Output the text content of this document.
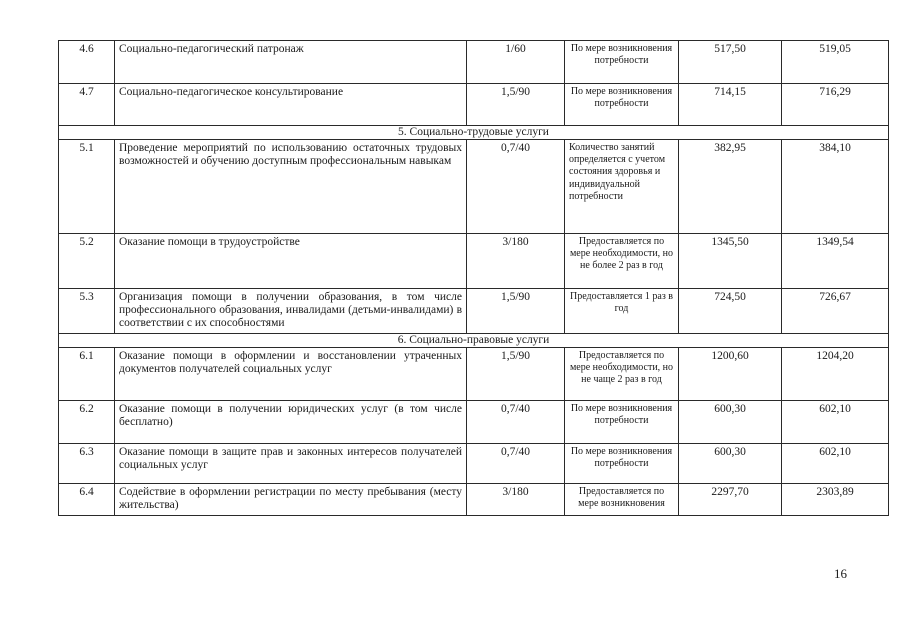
4.6	Социально-педагогический патронаж	1/60	По мере возникновения потребности	517,50	519,05
4.7	Социально-педагогическое консультирование	1,5/90	По мере возникновения потребности	714,15	716,29
5. Социально-трудовые услуги					
5.1	Проведение мероприятий по использованию остаточных трудовых возможностей и обучению доступным профессиональным навыкам	0,7/40	Количество занятий определяется с учетом состояния здоровья и индивидуальной потребности	382,95	384,10
5.2	Оказание помощи в трудоустройстве	3/180	Предоставляется по мере необходимости, но не более 2 раз в год	1345,50	1349,54
5.3	Организация помощи в получении образования, в том числе профессионального образования, инвалидами (детьми-инвалидами) в соответствии с их способностями	1,5/90	Предоставляется 1 раз в год	724,50	726,67
6. Социально-правовые услуги					
6.1	Оказание помощи в оформлении и восстановлении утраченных документов получателей социальных услуг	1,5/90	Предоставляется по мере необходимости, но не чаще 2 раз в год	1200,60	1204,20
6.2	Оказание помощи в получении юридических услуг (в том числе бесплатно)	0,7/40	По мере возникновения потребности	600,30	602,10
6.3	Оказание помощи в защите прав и законных интересов получателей социальных услуг	0,7/40	По мере возникновения потребности	600,30	602,10
6.4	Содействие в оформлении регистрации по месту пребывания (месту жительства)	3/180	Предоставляется по мере возникновения	2297,70	2303,89
16
